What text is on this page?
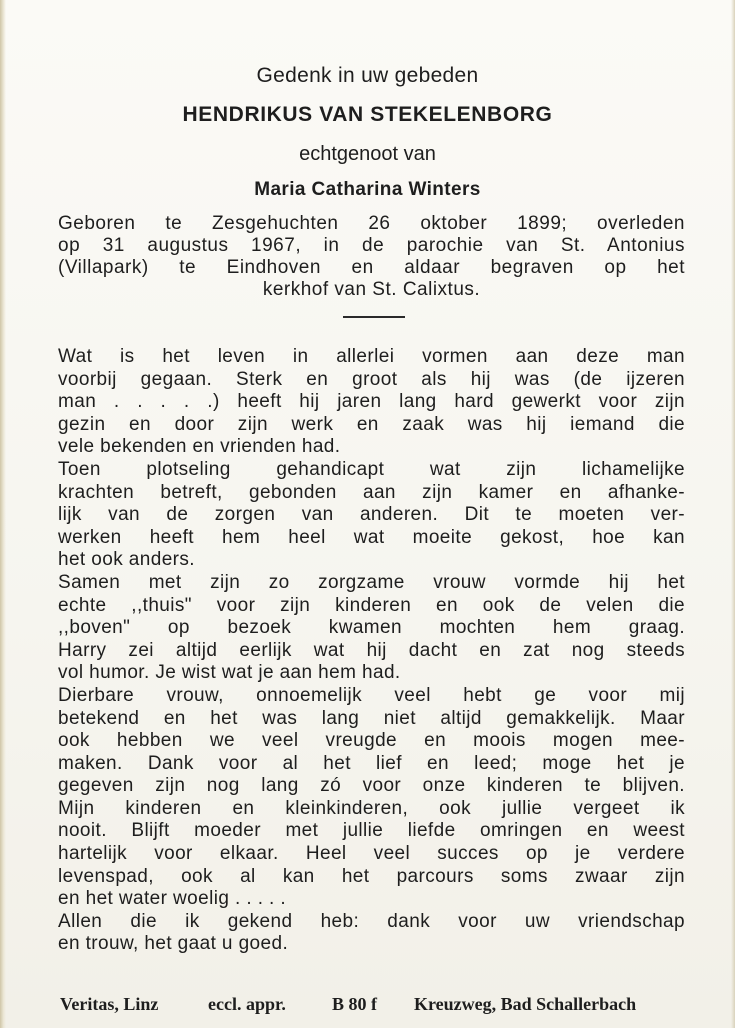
Gedenk in uw gebeden

HENDRIKUS VAN STEKELENBORG

echtgenoot van

Maria Catharina Winters

Geboren te Zesgehuchten 26 oktober 1899; overleden
op 31 augustus 1967, in de parochie van St. Antonius
(Villapark) te Eindhoven en aldaar begraven op het
kerkhof van St. Calixtus.
Wat is het leven in allerlei vormen aan deze man
voorbij gegaan. Sterk en groot als hij was (de ijzeren
man . . . . .) heeft hij jaren lang hard gewerkt voor zijn
gezin en door zijn werk en zaak was hij iemand die
vele bekenden en vrienden had.
Toen plotseling gehandicapt wat zijn lichamelijke
krachten betreft, gebonden aan zijn kamer en afhanke-
lijk van de zorgen van anderen. Dit te moeten ver-
werken heeft hem heel wat moeite gekost, hoe kan
het ook anders.
Samen met zijn zo zorgzame vrouw vormde hij het
echte ,,thuis" voor zijn kinderen en ook de velen die
,,boven" op bezoek kwamen mochten hem graag.
Harry zei altijd eerlijk wat hij dacht en zat nog steeds
vol humor. Je wist wat je aan hem had.
Dierbare vrouw, onnoemelijk veel hebt ge voor mij
betekend en het was lang niet altijd gemakkelijk. Maar
ook hebben we veel vreugde en moois mogen mee-
maken. Dank voor al het lief en leed; moge het je
gegeven zijn nog lang zó voor onze kinderen te blijven.
Mijn kinderen en kleinkinderen, ook jullie vergeet ik
nooit. Blijft moeder met jullie liefde omringen en weest
hartelijk voor elkaar. Heel veel succes op je verdere
levenspad, ook al kan het parcours soms zwaar zijn
en het water woelig . . . . .
Allen die ik gekend heb: dank voor uw vriendschap
en trouw, het gaat u goed.
Veritas, Linz	eccl. appr.	B 80 f Kreuzweg, Bad Schallerbach
